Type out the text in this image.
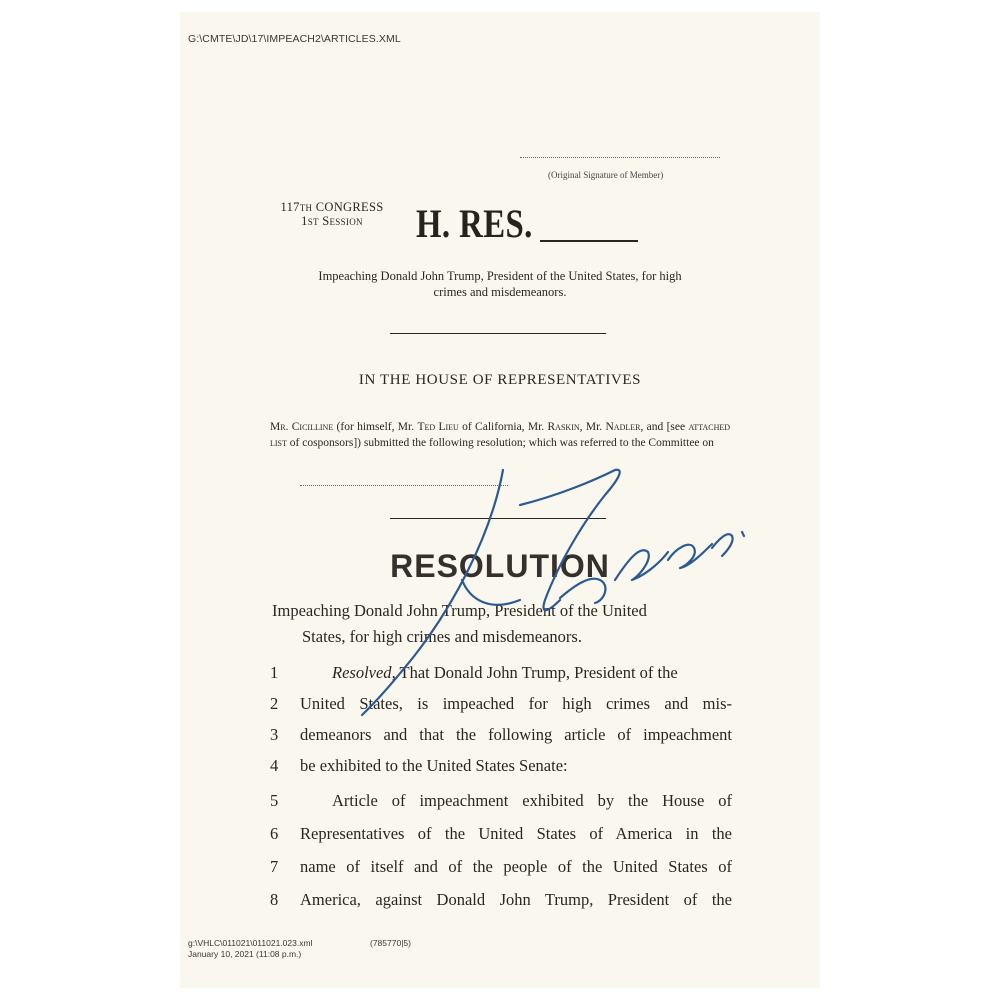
G:\CMTE\JD\17\IMPEACH2\ARTICLES.XML
(Original Signature of Member)
117th CONGRESS
1st Session	H. RES.
Impeaching Donald John Trump, President of the United States, for high
crimes and misdemeanors.
IN THE HOUSE OF REPRESENTATIVES
Mr. Cicilline (for himself, Mr. Ted Lieu of California, Mr. Raskin, Mr. Nadler, and [see attached list of cosponsors]) submitted the following resolution; which was referred to the Committee on
RESOLUTION
Impeaching Donald John Trump, President of the United
States, for high crimes and misdemeanors.
1	Resolved, That Donald John Trump, President of the
2	United States, is impeached for high crimes and mis-
3	demeanors and that the following article of impeachment
4	be exhibited to the United States Senate:
5	Article of impeachment exhibited by the House of
6	Representatives of the United States of America in the
7	name of itself and of the people of the United States of
8	America, against Donald John Trump, President of the
g:\VHLC\011021\011021.023.xml
January 10, 2021 (11:08 p.m.)
(785770|5)
